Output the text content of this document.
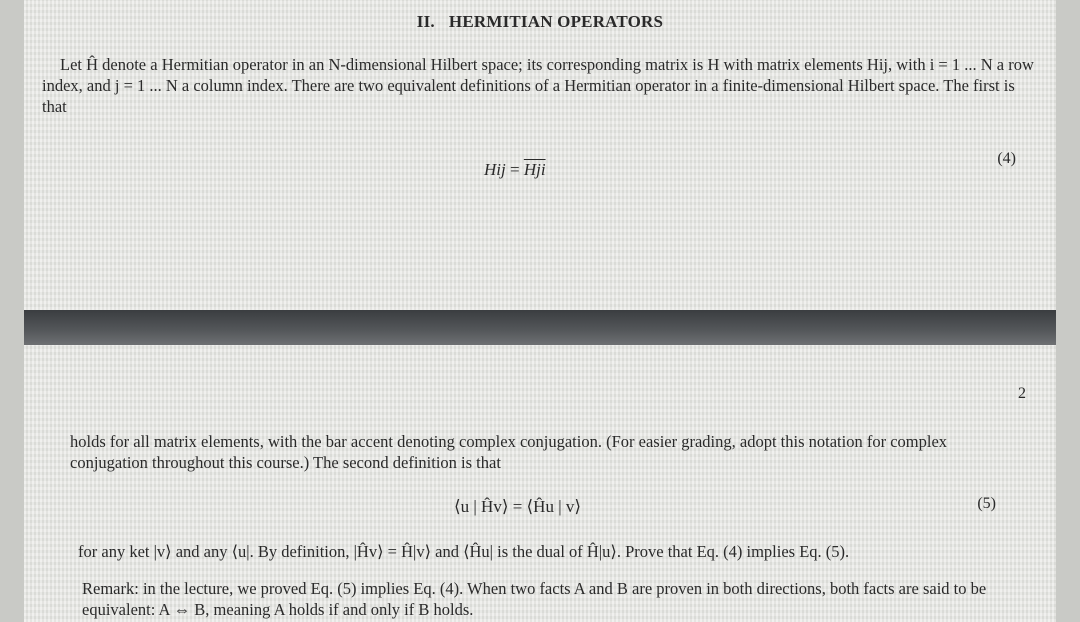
II. HERMITIAN OPERATORS

Let Ĥ denote a Hermitian operator in an N-dimensional Hilbert space; its corresponding matrix is H with matrix elements Hij, with i = 1 ... N a row index, and j = 1 ... N a column index. There are two equivalent definitions of a Hermitian operator in a finite-dimensional Hilbert space. The first is that

Hij = $\overline{Hji}$
(4)
2

holds for all matrix elements, with the bar accent denoting complex conjugation. (For easier grading, adopt this notation for complex conjugation throughout this course.) The second definition is that

⟨u | Ĥv⟩ = ⟨Ĥu | v⟩	(5)

for any ket |v⟩ and any ⟨u|. By definition, |Ĥv⟩ = Ĥ|v⟩ and ⟨Ĥu| is the dual of Ĥ|u⟩. Prove that Eq. (4) implies Eq. (5).

Remark: in the lecture, we proved Eq. (5) implies Eq. (4). When two facts A and B are proven in both directions, both facts are said to be equivalent: A ⇔ B, meaning A holds if and only if B holds.
